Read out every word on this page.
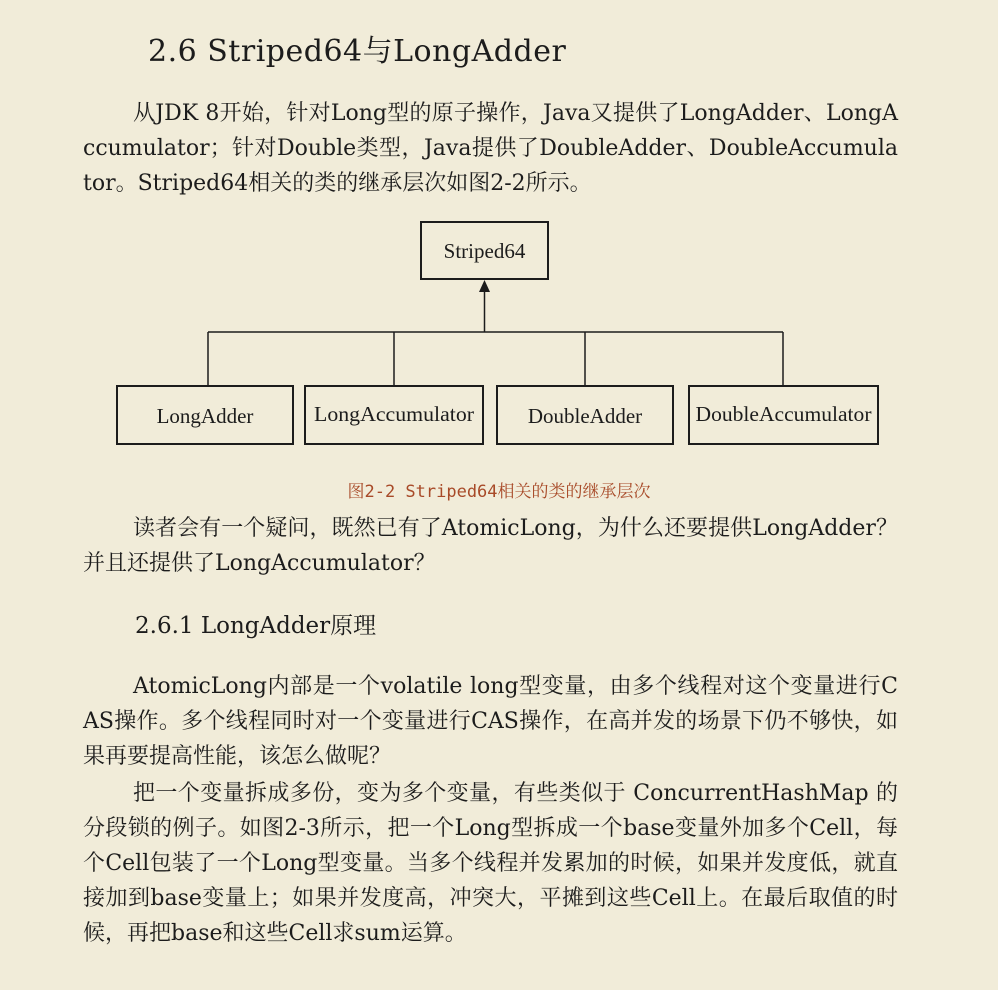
2.6 Striped64与LongAdder

从JDK 8开始，针对Long型的原子操作，Java又提供了LongAdder、LongAccumulator；针对Double类型，Java提供了DoubleAdder、DoubleAccumulator。Striped64相关的类的继承层次如图2-2所示。

Striped64
LongAdder	LongAccumulator	DoubleAdder	DoubleAccumulator
图2-2 Striped64相关的类的继承层次

读者会有一个疑问，既然已有了AtomicLong，为什么还要提供LongAdder？并且还提供了LongAccumulator？

2.6.1 LongAdder原理

AtomicLong内部是一个volatile long型变量，由多个线程对这个变量进行CAS操作。多个线程同时对一个变量进行CAS操作，在高并发的场景下仍不够快，如果再要提高性能，该怎么做呢？

把一个变量拆成多份，变为多个变量，有些类似于 ConcurrentHashMap 的分段锁的例子。如图2-3所示，把一个Long型拆成一个base变量外加多个Cell，每个Cell包装了一个Long型变量。当多个线程并发累加的时候，如果并发度低，就直接加到base变量上；如果并发度高，冲突大，平摊到这些Cell上。在最后取值的时候，再把base和这些Cell求sum运算。
